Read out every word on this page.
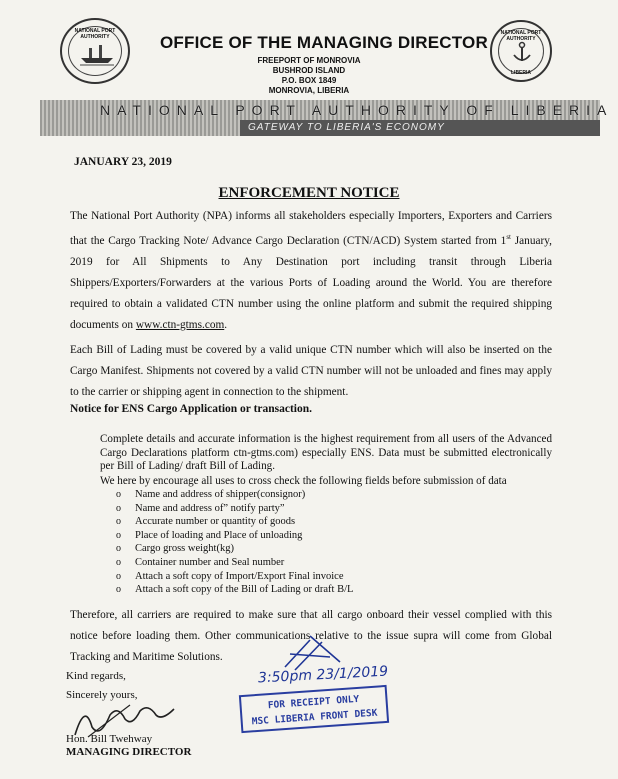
NATIONAL PORT AUTHORITY	OFFICE OF THE MANAGING DIRECTOR
FREEPORT OF MONROVIA
BUSHROD ISLAND
P.O. BOX 1849
MONROVIA, LIBERIA
NATIONAL PORT AUTHORITY
LIBERIA
NATIONAL PORT AUTHORITY OF LIBERIA
GATEWAY TO LIBERIA'S ECONOMY
JANUARY 23, 2019
ENFORCEMENT NOTICE
The National Port Authority (NPA) informs all stakeholders especially Importers, Exporters and Carriers that the Cargo Tracking Note/ Advance Cargo Declaration (CTN/ACD) System started from 1st January, 2019 for All Shipments to Any Destination port including transit through Liberia Shippers/Exporters/Forwarders at the various Ports of Loading around the World. You are therefore required to obtain a validated CTN number using the online platform and submit the required shipping documents on www.ctn-gtms.com.
Each Bill of Lading must be covered by a valid unique CTN number which will also be inserted on the Cargo Manifest. Shipments not covered by a valid CTN number will not be unloaded and fines may apply to the carrier or shipping agent in connection to the shipment.
Notice for ENS Cargo Application or transaction.
Complete details and accurate information is the highest requirement from all users of the Advanced Cargo Declarations platform ctn-gtms.com) especially ENS. Data must be submitted electronically per Bill of Lading/ draft Bill of Lading.
We here by encourage all uses to cross check the following fields before submission of data
o Name and address of shipper(consignor)
o Name and address of” notify party”
o Accurate number or quantity of goods
o Place of loading and Place of unloading
o Cargo gross weight(kg)
o Container number and Seal number
o Attach a soft copy of Import/Export Final invoice
o Attach a soft copy of the Bill of Lading or draft B/L
Therefore, all carriers are required to make sure that all cargo onboard their vessel complied with this notice before loading them. Other communications relative to the issue supra will come from Global Tracking and Maritime Solutions.
Kind regards,
Sincerely yours,
Hon. Bill Twehway
MANAGING DIRECTOR
3:50pm 23/1/2019
FOR RECEIPT ONLY
MSC LIBERIA FRONT DESK
